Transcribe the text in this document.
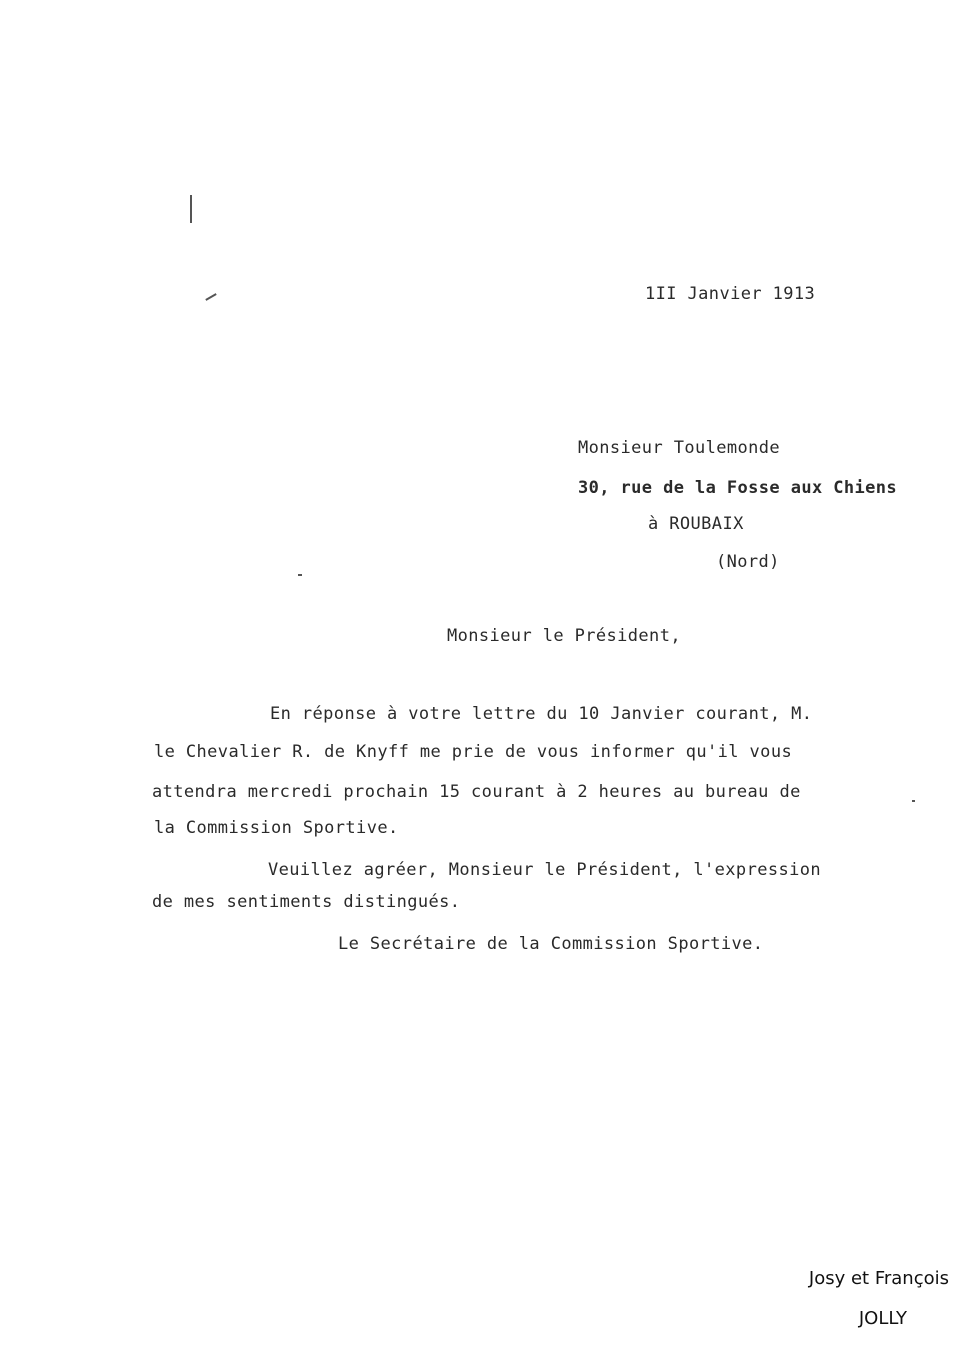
1II Janvier 1913
Monsieur Toulemonde
30, rue de la Fosse aux Chiens
à ROUBAIX
(Nord)
Monsieur le Président,
En réponse à votre lettre du 10 Janvier courant, M.
le Chevalier R. de Knyff me prie de vous informer qu'il vous
attendra mercredi prochain 15 courant à 2 heures au bureau de
la Commission Sportive.
Veuillez agréer, Monsieur le Président, l'expression
de mes sentiments distingués.
Le Secrétaire de la Commission Sportive.
Josy et François
JOLLY
